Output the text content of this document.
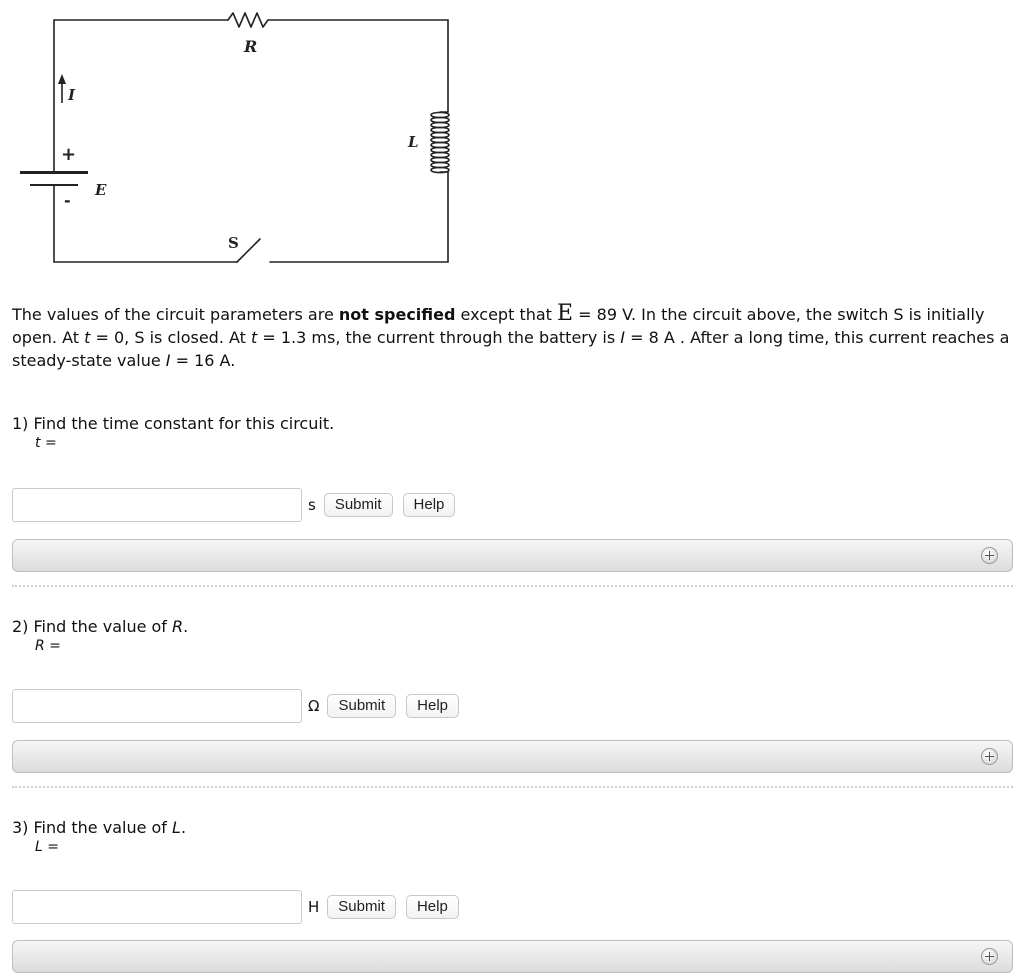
R
L
I
E
S
+
-

The values of the circuit parameters are not specified except that E = 89 V. In the circuit above, the switch S is initially open. At t = 0, S is closed. At t = 1.3 ms, the current through the battery is I = 8 A . After a long time, this current reaches a steady-state value I = 16 A.

1) Find the time constant for this circuit.

t =

s	Submit	Help

2) Find the value of R.

R =

Ω	Submit	Help

3) Find the value of L.

L =

H	Submit	Help
